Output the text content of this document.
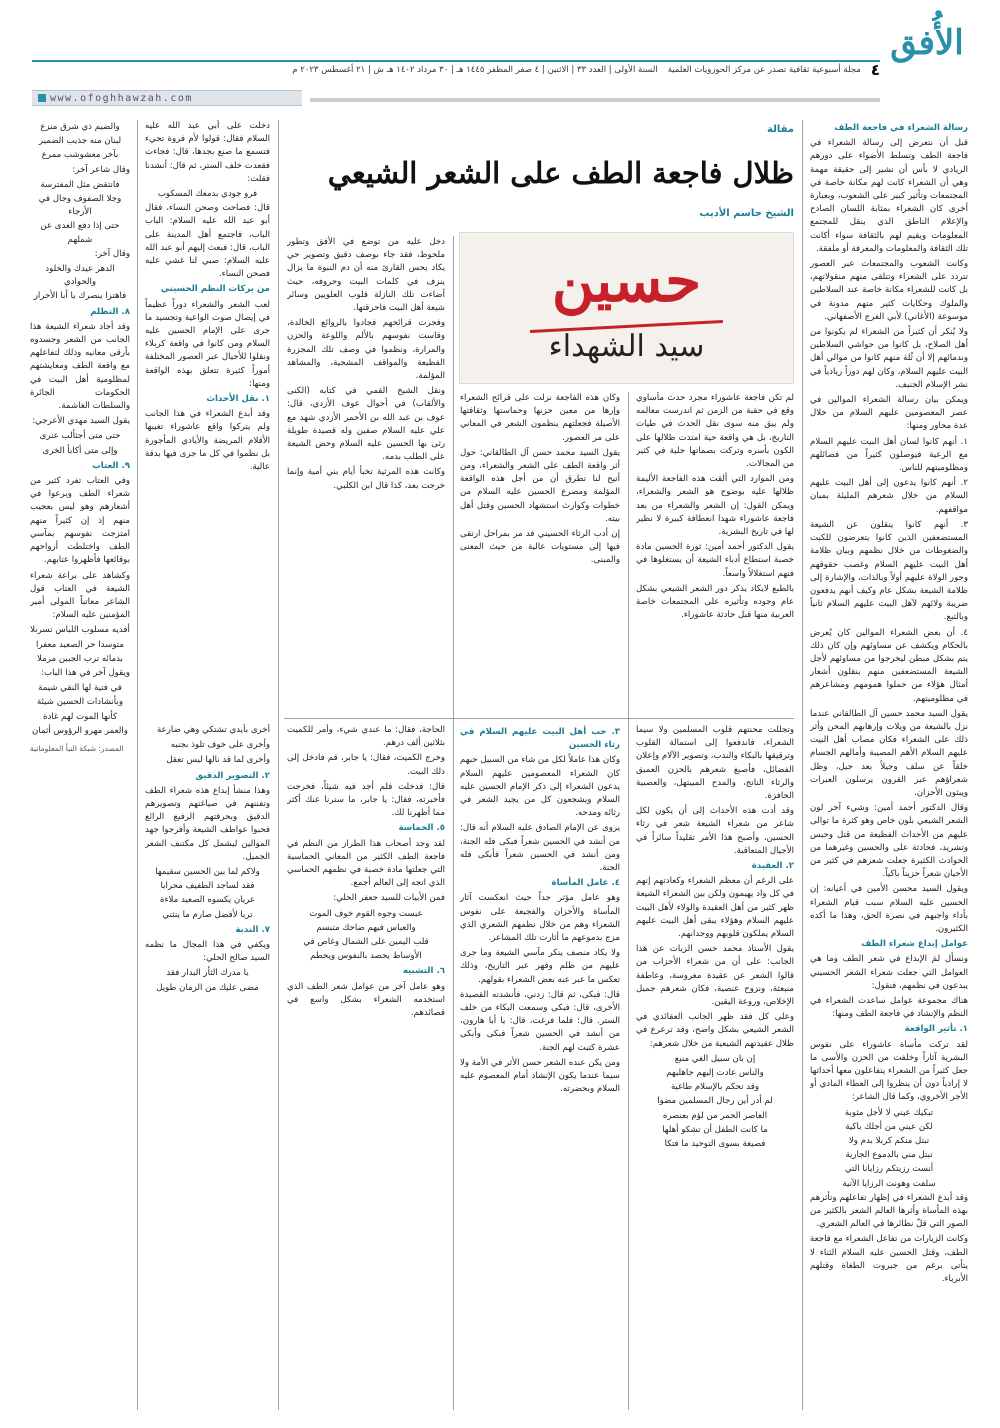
الأُفق
٤
مجلة أسبوعية ثقافية تصدر عن مركز الحوزويات العلمية
السنة الأولى | العدد ٣٣ | الاثنين | ٤ صفر المظفر ١٤٤٥ هـ | ٣٠ مرداد ١٤٠٢ هـ ش | ٢١ أغسطس ٢٠٢٣ م
www.ofoghhawzah.com
مقالة
ظلال فاجعة الطف على الشعر الشيعي
الشيخ جاسم الأديب
حسين
سيد الشهداء

رسالة الشعراء في فاجعة الطف

قبل أن نتعرض إلى رسالة الشعراء في فاجعة الطف وتسلط الأضواء على دورهم الريادي لا بأس أن نشير إلى حقيقة مهمة وهي أن الشعراء كانت لهم مكانة خاصة في المجتمعات وتأثير كبير على الشعوب، وبعبارة أخرى كان الشعراء بمثابة اللسان الصادح والإعلام الناطق الذي ينقل للمجتمع المعلومات ويقيم لهم بالثقافة سواء أكانت تلك الثقافة والمعلومات والمعرفة أو ملفقة.

وكانت الشعوب والمجتمعات عبر العصور تتردد على الشعراء وتتلقى منهم منقولاتهم، بل كانت للشعراء مكانة خاصة عند السلاطين والملوك وحكايات كثير منهم مدونة في موسوعة (الأغاني) لأبي الفرج الأصفهاني.

ولا يُنكر أن كثيراً من الشعراء لم يكونوا من أهل الصلاح، بل كانوا من حواشي السلاطين وندمائهم إلا أن ثُلة منهم كانوا من موالي أهل البيت عليهم السلام، وكان لهم دوراً ريادياً في نشر الإسلام الحنيف.

ويمكن بيان رسالة الشعراء الموالين في عصر المعصومين عليهم السلام من خلال عدة محاور ومنها:

١. أنهم كانوا لسان أهل البيت عليهم السلام مع الرعية فيوصلون كثيراً من فضائلهم ومظلوميتهم للناس.

٢. أنهم كانوا يدعون إلى أهل البيت عليهم السلام من خلال شعرهم المليئة بمبان مواقفهم.

٣. أنهم كانوا ينقلون عن الشيعة المستضعفين الذين كانوا يتعرضون للكبت والضغوطات من خلال نظمهم وبيان ظلامة أهل البيت عليهم السلام وغصب حقوقهم وجور الولاة عليهم أولاً وبالذات، والإشارة إلى ظلامة الشيعة بشكل عام وكيف أنهم يدفعون ضريبة ولائهم لآهل البيت عليهم السلام ثانياً وبالتبع.

٤. أن بعض الشعراء الموالين كان يُعرض بالحكام ويكشف عن مساوئهم وإن كان ذلك يتم بشكل مبطن ليخرجوا من مساوئهم لأجل الشيعة المستضعفين منهم بنقلون أشعار أمثال هؤلاء من حملوا همومهم ومشاعرهم في مظلوميتهم.

يقول السيد محمد حسين آل الطالقاني عندما نزل بالشيعة من ويلات وإرهابهم المحن وأثر ذلك على الشعراء فكان مصاب أهل البيت عليهم السلام الأهم المصيبة وأمالهم الجسام خلقاً عن سلف وجيلاً بعد جيل، وظل شعراؤهم عبر القرون يرسلون العبرات ويبثون الأحزان.

وقال الدكتور أحمد أمين: وشيء آخر لون الشعر الشيعي بلون خاص وهو كثرة ما توالى عليهم من الأحداث الفظيعة من قتل وحبس وتشريد، فحادثة على والحسين وغيرهما من الحوادث الكثيرة جعلت شعرهم في كثير من الأحيان شعراً حزيناً باكياً.

ويقول السيد محسن الأمين في أعيانه: إن الحسين عليه السلام سبب قيام الشعراء بأداء واجبهم في نصرة الحق، وهذا ما أكده الكثيرون.

عوامل إبداع شعراء الطف

ونسأل لمَ الإبداع في شعر الطف وما هي العوامل التي جعلت شعراء الشعر الحسيني يبدعون في نظمهم، فنقول:

هناك مجموعة عوامل ساعدت الشعراء في النظم والإنشاد في فاجعة الطف ومنها:

١. تأثير الواقعة

لقد تركت مأساة عاشوراء على نفوس البشرية آثاراً وخلفت من الحزن والأسى ما جعل كثيراً من الشعراء يتفاعلون معها أحداثها لا إرادياً دون أن ينظروا إلى العطاء المادي أو الأجر الأخروي، وكما قال الشاعر:

تبكيك عيني لا لأجل مثوبة

لكن عيني من أجلك باكية

تبتل منكم كربلا بدم ولا

تبتل مني بالدموع الجارية

أنست رزيتكم رزايانا التي

سلفت وهونت الرزايا الآتية

وقد أبدع الشعراء في إظهار تفاعلهم وتأثرهم بهذه المأساة وأثرها العالم الشعر بالكثير من الصور التي قلّ نظائرها في العالم الشعري.

وكانت الزيارات من تفاعل الشعراء مع فاجعة الطف، وقتل الحسين عليه السلام الثناء لا يتأتى برغم من جبروت الطغاة وقتلهم الأبرياء.

لم تكن فاجعة عاشوراء مجرد حدث مأساوي وقع في حقبة من الزمن ثم اندرست معالمه ولم يبق منه سوى نقل الحدث في طيات التاريخ، بل هي واقعة حية امتدت ظلالها على الكون بأسره وتركت بصماتها جلية في كثير من المجالات.

ومن الموارد التي ألقت هذه الفاجعة الأليمة ظلالها عليه بوضوح هو الشعر والشعراء، ويمكن القول: إن الشعر والشعراء من بعد فاجعة عاشوراء شهدا انعطافة كبيرة لا نظير لها في تاريخ البشرية.

يقول الدكتور أحمد أمين: ثورة الحسين مادة خصبة استطاع أدباء الشيعة أن يستغلوها في فنهم استغلالاً واسعاً.

بالطبع لايكاد يذكر دور الشعر الشيعي بشكل عام وجوده وتأثيره على المجتمعات خاصة العربية منها قبل حادثة عاشوراء.

وتجللت محنتهم قلوب المسلمين ولا سيما الشعراء، فاندفعوا إلى استمالة القلوب وترقيقها بالبكاء والندب، وتصوير الآلام وإعلان الفضائل، فأصبغ شعرهم بالحزن العميق والرثاء الناتج، والمدح المبيتهل، والعصبية الحافزة.

وقد أدت هذه الأحداث إلى أن يكون لكل شاعر من شعراء الشيعة شعر في رثاء الحسين، وأصبح هذا الأمر تقليداً سائراً في الأجيال المتعاقبة.

٢. العقيدة

على الرغم أن معظم الشعراء وكعادتهم إنهم في كل واد يهيمون ولكن بين الشعراء الشيعة ظهر كثير من أهل العقيدة والولاء لأهل البيت عليهم السلام وهؤلاء يبقى أهل البيت عليهم السلام يملكون قلوبهم ووجدانهم.

يقول الأستاذ محمد حسن الزيات عن هذا الجانب: على أن من شعراء الأحزاب من قالوا الشعر عن عقيدة مغروسة، وعاطفة منبعثة، ونزوح عنصية، فكان شعرهم جميل الإخلاص، وروعة اليقين.

وعلى كل فقد ظهر الجانب العقائدي في الشعر الشيعي بشكل واضح، وقد ترعرع في ظلال عقيدتهم الشيعية من خلال شعرهم:

إن بان سبيل الغي منبع

والناس عادت إليهم جاهليهم

وقد تحكم بالإسلام طاغية

لم أدر أين رجال المسلمين مضوا

العاصر الحمر من لؤم بعنصره

ما كانت الطفل أن تشكو أهلها

فصيغة بسوى التوحيد ما فتكا

وكان هذه الفاجعة نزلت على قرائح الشعراء وإرها من معين حزنها وحماستها وثقافتها الأصيلة فجعلتهم ينظمون الشعر في المعاني على مر العصور.

يقول السيد محمد حسن آل الطالقاني: حول أثر واقعة الطف على الشعر والشعراء، ومن أتيح لنا تطرق أن من أجل هذه الواقعة المؤلمة ومصرع الحسين عليه السلام من خطوات وكوارث استشهاد الحسين وقتل أهل بيته.

إن أدب الرثاء الحسيني قد مر بمراحل ارتقى فيها إلى مستويات عالية من حيث المعنى والمبنى.

٣. حب أهل البيت عليهم السلام في رثاء الحسين

وكان هذا عاملاً لكل من شاء من السبيل حبهم كان الشعراء المعصومين عليهم السلام يدعون الشعراء إلى ذكر الإمام الحسين عليه السلام ويشجعون كل من يجيد الشعر في رثائه ومدحه.

يروى عن الإمام الصادق عليه السلام أنه قال: من أنشد في الحسين شعراً فبكى فله الجنة، ومن أنشد في الحسين شعراً فأبكى فله الجنة.

٤. عامل المأساة

وهو عامل مؤثر جداً حيث انعكست آثار المأساة والأحزان والفجيعة على نفوس الشعراء وهم من خلال نظمهم الشعري الذي مزج بدموعهم ما أثارت تلك المشاعر.

ولا يكاد منصف ينكر مآسي الشيعة وما جرى عليهم من ظلم وقهر عبر التاريخ، وذلك تعكس ما عبر عنه بعض الشعراء بقولهم.

قال: فبكى، ثم قال: زدني، فأنشدته القصيدة الأخرى، قال: فبكى وسمعت البكاء من خلف الستر. قال: فلما فرغت، قال: يا أبا هارون، من أنشد في الحسين شعراً فبكى وأبكى عشرة كتبت لهم الجنة.

ومن يكن عنده الشعر حسن الأثر في الأمة ولا سيما عندما يكون الإنشاد أمام المعصوم عليه السلام وبحضرته.

دخل عليه من توضع في الأفق وتطور ملحوظ، فقد جاء بوصف دقيق وتصوير حي يكاد يحس القارئ منه أن دم النبوة ما يزال ينزف في كلمات البيت وحروفه، حيث أضاءت تلك النازلة قلوب العلويين وسائر شيعة أهل البيت فاحرقتها.

وفجرت قرائحهم فجادوا بالروائع الخالدة، وقاست نفوسهم بالألم واللوعة والحزن والمرارة، ونظموا في وصف تلك المجزرة الفظيعة والمواقف المشجية، والمشاهد المؤلمة.

ونقل الشيخ القمي في كتابه (الكنى والألقاب) في أحوال عوف الأزدي، قال: عوف بن عبد الله بن الأحمر الأزدي شهد مع علي عليه السلام صفين وله قصيدة طويلة رثى بها الحسين عليه السلام وحض الشيعة على الطلب بدمه.

وكانت هذه المرثية تخبأ أيام بني أمية وإنما خرجت بعد، كذا قال ابن الكلبي.

الحاجة، فقال: ما عندي شيء، وأمر للكميت بثلاثين ألف درهم.

وخرج الكميت، فقال: يا جابر، قم فادخل إلى ذلك البيت.

قال: فدخلت فلم أجد فيه شيئاً، فخرجت فأخبرته، فقال: يا جابر، ما سترنا عنك أكثر مما أظهرنا لك.

٥. الحماسة

لقد وجد أصحاب هذا الطراز من النظم في فاجعة الطف الكثير من المعاني الحماسية التي جعلتها مادة خصبة في نظمهم الحماسي الذي اتجه إلى العالم أجمع.

فمن الأبيات للسيد جعفر الحلي:

عبست وجوه القوم خوف الموت

والعباس فيهم ضاحك متبسم

قلب اليمين على الشمال وغاص في

الأوساط يحصد بالنفوس ويحطم

٦. التشبيه

وهو عامل آخر من عوامل شعر الطف الذي استخدمه الشعراء بشكل واسع في قصائدهم.

دخلت على أبي عبد الله عليه السلام فقال: قولوا لأم فروة تجيء فتسمع ما صنع بجدها، قال: فجاءت فقعدت خلف الستر، ثم قال: أنشدنا فقلت:

فرو جودي بدمعك المسكوب

قال: فصاحت وصحن النساء، فقال أبو عبد الله عليه السلام: الباب الباب، فاجتمع أهل المدينة على الباب، قال: فبعث إليهم أبو عبد الله عليه السلام: صبي لنا غشي عليه فصحن النساء.

من بركات النظم الحسيني

لعب الشعر والشعراء دوراً عظيماً في إيصال صوت الواعية وتجسيد ما جرى على الإمام الحسين عليه السلام ومن كانوا في واقعة كربلاء ونقلوا للأجيال عبر العصور المختلفة أموراً كثيرة تتعلق بهذه الواقعة ومنها:

١. نقل الأحداث

وقد أبدع الشعراء في هذا الجانب ولم يتركوا واقع عاشوراء تغيبها الأقلام المريضة والأيادي المأجورة بل نظموا في كل ما جرى فيها بدقة عالية.

أخرى بأيدي تشتكي وهي ضارعة

وأخرى على خوف تلوذ بجنبه

وأخرى لما قد نالها ليس تعقل

٢. التصوير الدقيق

وهذا منشأ إبداع هذه شعراء الطف وتفننهم في صياغتهم وتصويرهم الدقيق وبحرفتهم الرفيع الرائع فحبوا عواطف الشيعة وأفرجوا جهد الموالين ليشمل كل مكتنف الشعر الجميل.

ولاكم لما بين الحسين سقيمها

فقد لساجد الطفيف محرابا

عريان يكسوه الصعيد ملاءة

تربا لأفضل صارم ما ينثني

٧. الندبة

ويكفي في هذا المجال ما نظمه السيد صالح الحلي:

يا مدرك الثأر البدار فقد

مضى عليك من الزمان طويل

والضيم ذي شرق منزع

لبنان منه جذيب الضمير

بآخر معشوشب ممرع

وقال شاعر آخر:

فانتقض مثل المفترسة

وجلا الصفوف وجال في الأرجاء

حتى إذا دفع العدى عن شملهم

وقال آخر:

الدهر عيدك والخلود والحوادي

فاهتزا ينصرك يا أبا الأحرار

٨. التظلم

وقد أجاد شعراء الشيعة هذا الجانب من الشعر وجسدوه بأرقى معانيه وذلك لتفاعلهم مع واقعة الطف ومعايشتهم لمظلومية أهل البيت في الحكومات الجائرة والسلطات الغاشمة.

يقول السيد مهدي الأعرجي:

حتى متى أجثألب عنرى

وإلى متى أكابأ الخرى

٩. العتاب

وفي العتاب تفرد كثير من شعراء الطف وبرعوا في أشعارهم وهو ليس بعجيب منهم إذ إن كثيراً منهم امتزجت نفوسهم بمآسي الطف واختلطت أرواحهم بوقائعها فأظهروا عتابهم.

وكشاهد على براعة شعراء الشيعة في العتاب قول الشاعر معاتباً المولى أمير المؤمنين عليه السلام:

أفديه مسلوب اللباس تسرنلا

متوسدا حر الصعيد معفرا

بدمائه ترب الجبين مرملا

ويقول آخر في هذا الباب:

في فتية لها النقي شيمة

وبأنشادات الحسين شيئة

كأنها الموت لهم غادة

والعمر مهرو الرؤوس أثمان

المصدر: شبكة النبأ المعلوماتية
